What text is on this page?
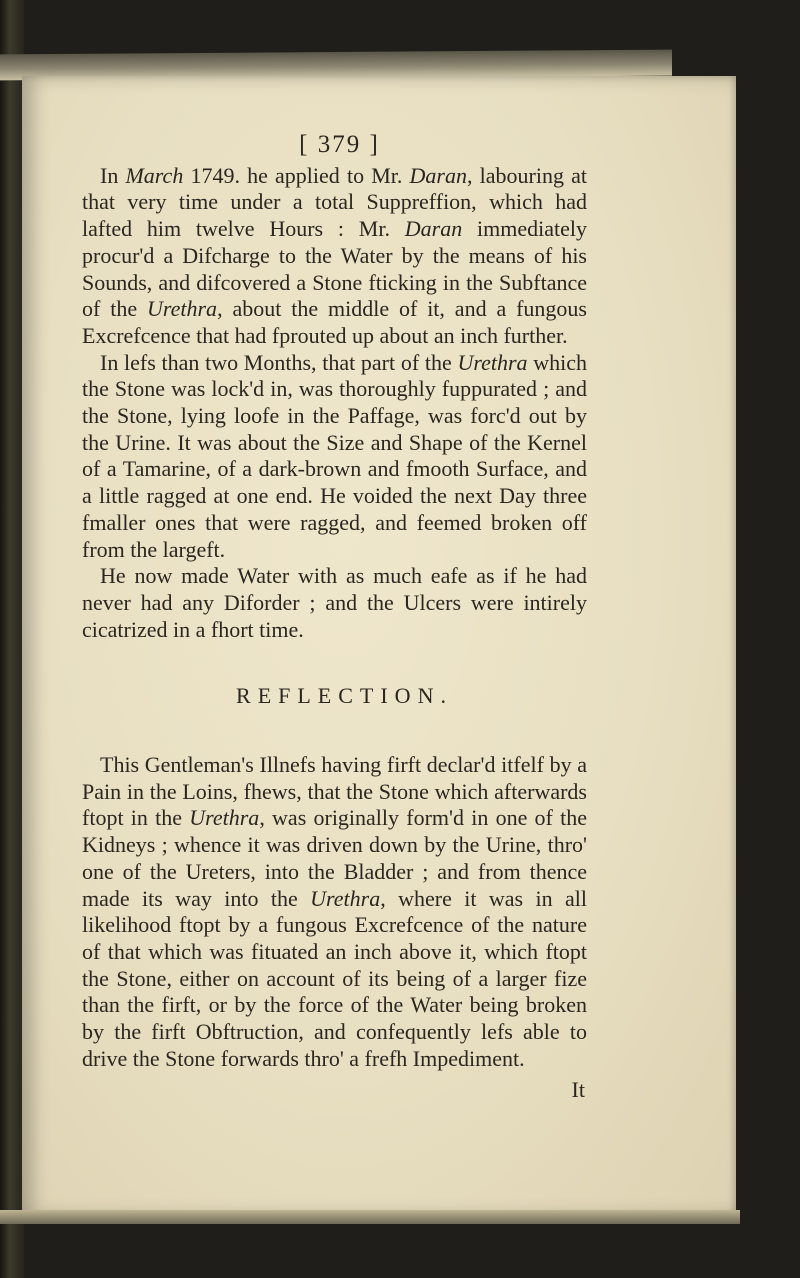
[ 379 ]

In March 1749. he applied to Mr. Daran, labouring at that very time under a total Suppreffion, which had lafted him twelve Hours : Mr. Daran immediately procur'd a Difcharge to the Water by the means of his Sounds, and difcovered a Stone fticking in the Subftance of the Urethra, about the middle of it, and a fungous Excrefcence that had fprouted up about an inch further.

In lefs than two Months, that part of the Urethra which the Stone was lock'd in, was thoroughly fuppurated ; and the Stone, lying loofe in the Paffage, was forc'd out by the Urine. It was about the Size and Shape of the Kernel of a Tamarine, of a dark-brown and fmooth Surface, and a little ragged at one end. He voided the next Day three fmaller ones that were ragged, and feemed broken off from the largeft.

He now made Water with as much eafe as if he had never had any Diforder ; and the Ulcers were intirely cicatrized in a fhort time.

REFLECTION.

This Gentleman's Illnefs having firft declar'd itfelf by a Pain in the Loins, fhews, that the Stone which afterwards ftopt in the Urethra, was originally form'd in one of the Kidneys ; whence it was driven down by the Urine, thro' one of the Ureters, into the Bladder ; and from thence made its way into the Urethra, where it was in all likelihood ftopt by a fungous Excrefcence of the nature of that which was fituated an inch above it, which ftopt the Stone, either on account of its being of a larger fize than the firft, or by the force of the Water being broken by the firft Obftruction, and confequently lefs able to drive the Stone forwards thro' a frefh Impediment.

It
